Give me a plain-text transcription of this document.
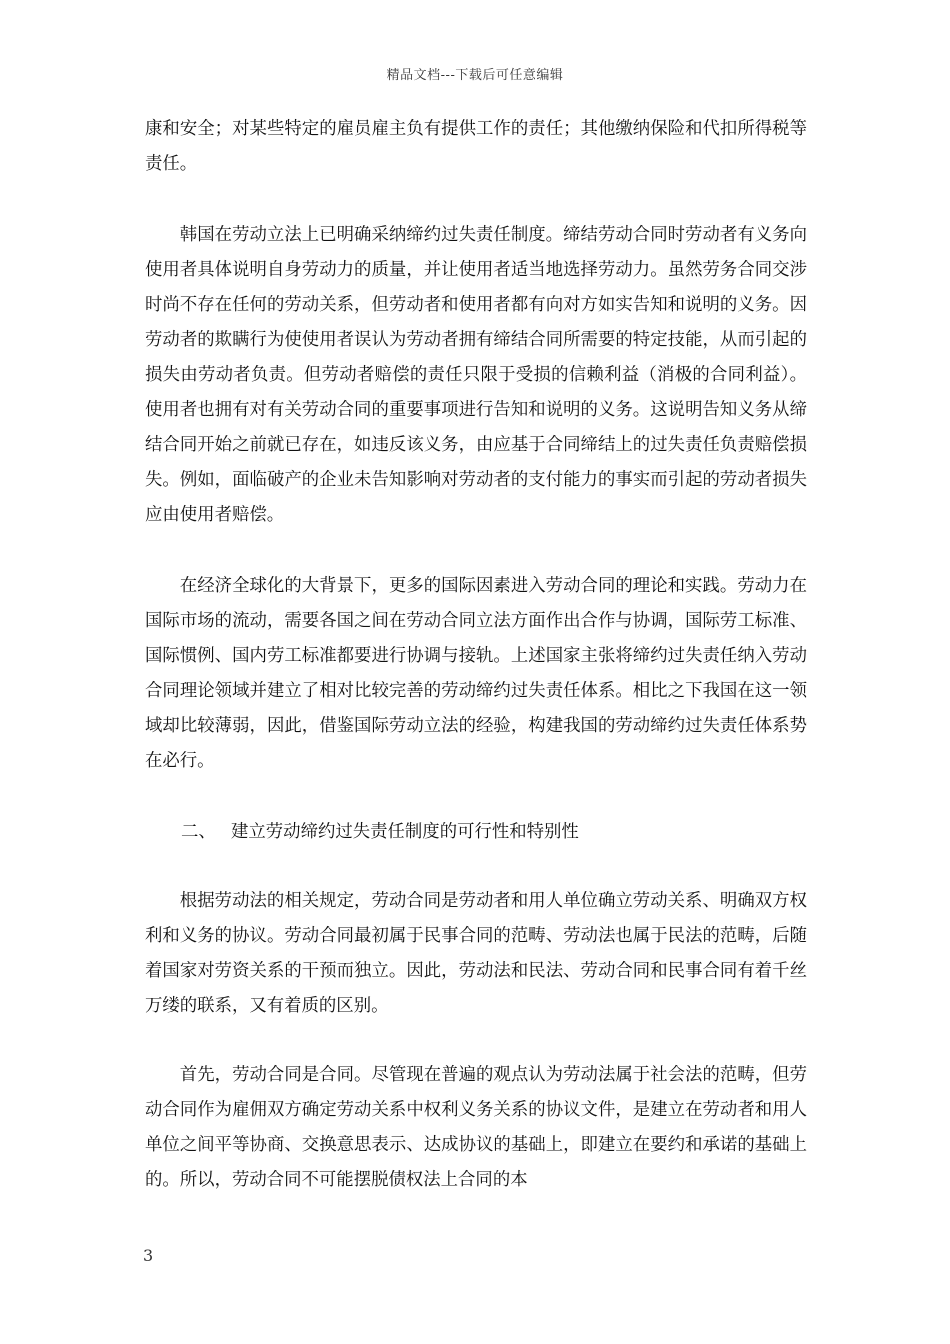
精品文档---下载后可任意编辑

康和安全；对某些特定的雇员雇主负有提供工作的责任；其他缴纳保险和代扣所得税等责任。

韩国在劳动立法上已明确采纳缔约过失责任制度。缔结劳动合同时劳动者有义务向使用者具体说明自身劳动力的质量，并让使用者适当地选择劳动力。虽然劳务合同交涉时尚不存在任何的劳动关系，但劳动者和使用者都有向对方如实告知和说明的义务。因劳动者的欺瞒行为使使用者误认为劳动者拥有缔结合同所需要的特定技能，从而引起的损失由劳动者负责。但劳动者赔偿的责任只限于受损的信赖利益（消极的合同利益）。使用者也拥有对有关劳动合同的重要事项进行告知和说明的义务。这说明告知义务从缔结合同开始之前就已存在，如违反该义务，由应基于合同缔结上的过失责任负责赔偿损失。例如，面临破产的企业未告知影响对劳动者的支付能力的事实而引起的劳动者损失应由使用者赔偿。

在经济全球化的大背景下，更多的国际因素进入劳动合同的理论和实践。劳动力在国际市场的流动，需要各国之间在劳动合同立法方面作出合作与协调，国际劳工标准、国际惯例、国内劳工标准都要进行协调与接轨。上述国家主张将缔约过失责任纳入劳动合同理论领域并建立了相对比较完善的劳动缔约过失责任体系。相比之下我国在这一领域却比较薄弱，因此，借鉴国际劳动立法的经验，构建我国的劳动缔约过失责任体系势在必行。

二、 建立劳动缔约过失责任制度的可行性和特别性

根据劳动法的相关规定，劳动合同是劳动者和用人单位确立劳动关系、明确双方权利和义务的协议。劳动合同最初属于民事合同的范畴、劳动法也属于民法的范畴，后随着国家对劳资关系的干预而独立。因此，劳动法和民法、劳动合同和民事合同有着千丝万缕的联系，又有着质的区别。

首先，劳动合同是合同。尽管现在普遍的观点认为劳动法属于社会法的范畴，但劳动合同作为雇佣双方确定劳动关系中权利义务关系的协议文件，是建立在劳动者和用人单位之间平等协商、交换意思表示、达成协议的基础上，即建立在要约和承诺的基础上的。所以，劳动合同不可能摆脱债权法上合同的本

3
